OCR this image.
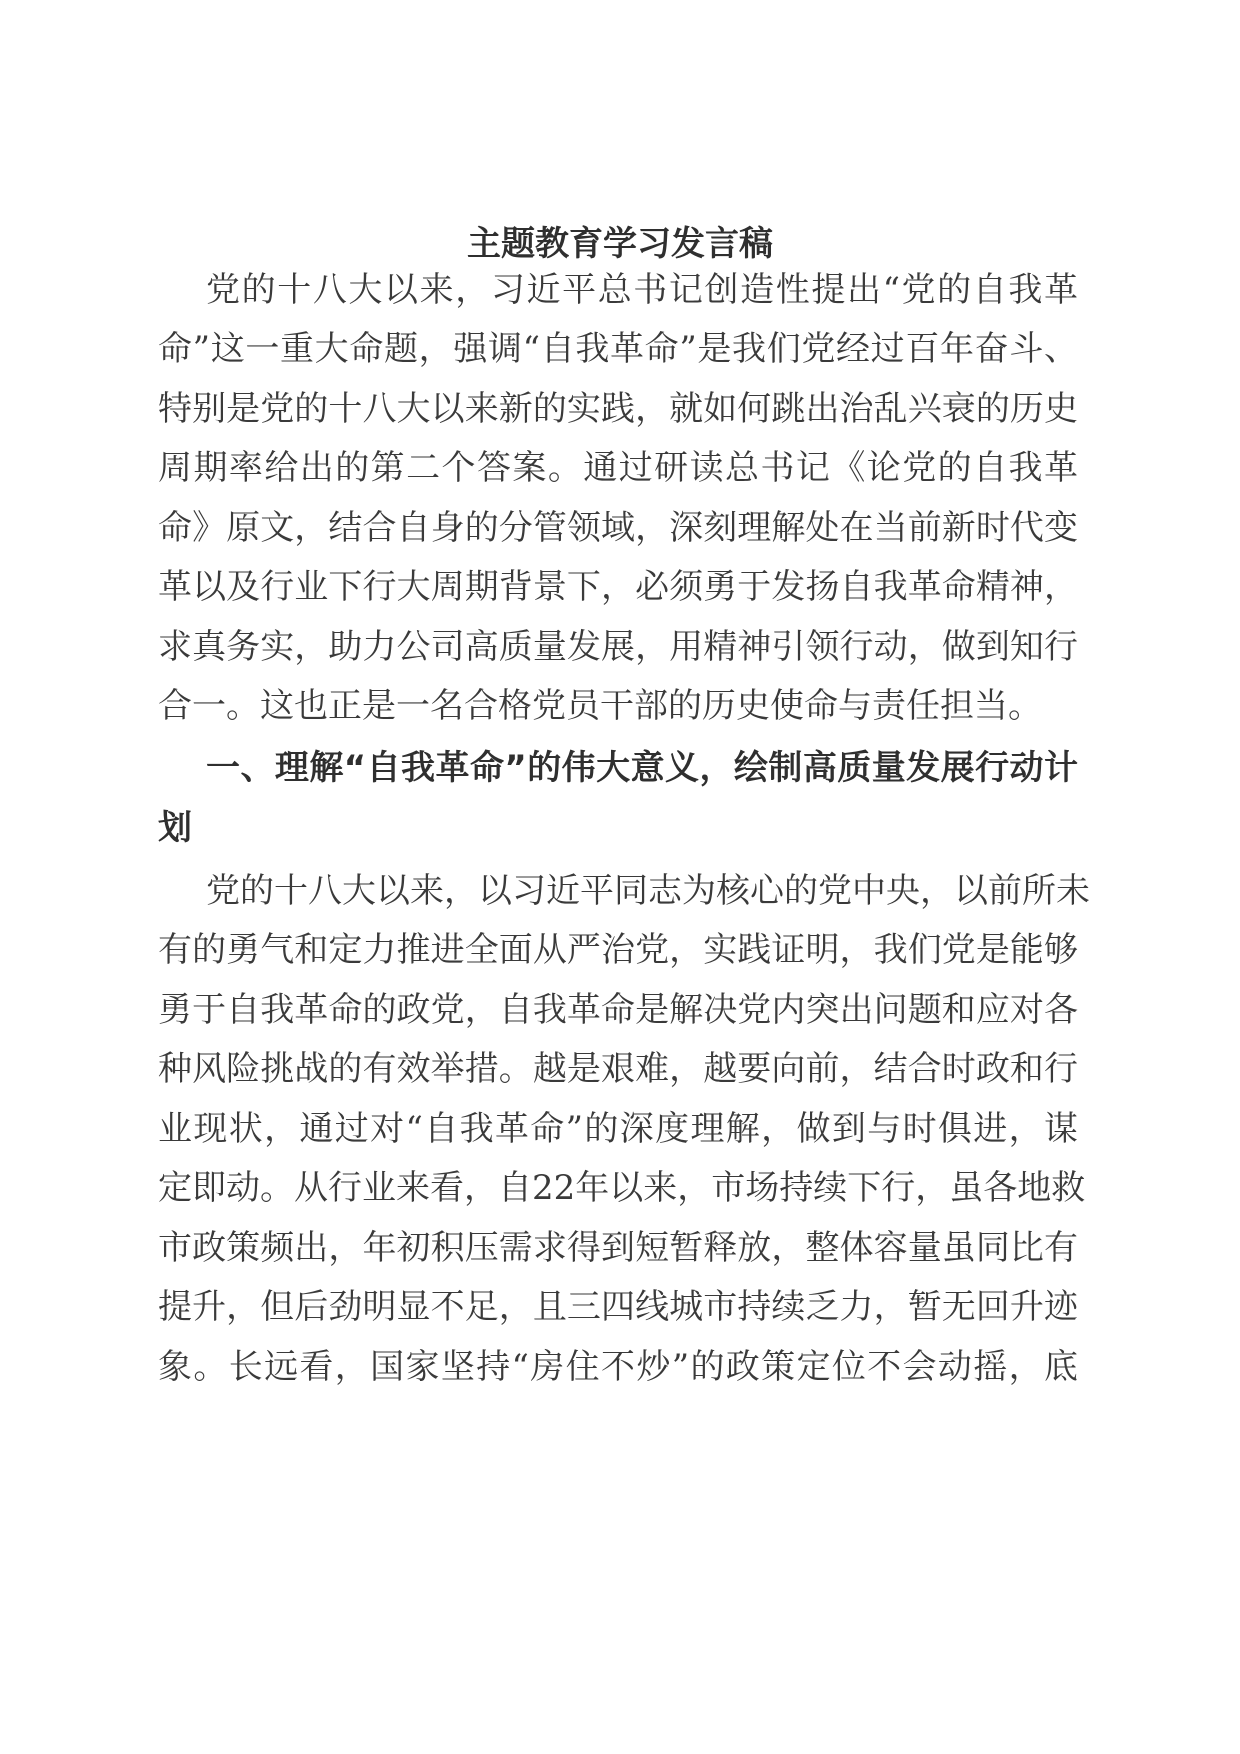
主题教育学习发言稿
党的十八大以来，习近平总书记创造性提出“党的自我革
命”这一重大命题，强调“自我革命”是我们党经过百年奋斗、
特别是党的十八大以来新的实践，就如何跳出治乱兴衰的历史
周期率给出的第二个答案。通过研读总书记《论党的自我革
命》原文，结合自身的分管领域，深刻理解处在当前新时代变
革以及行业下行大周期背景下，必须勇于发扬自我革命精神，
求真务实，助力公司高质量发展，用精神引领行动，做到知行
合一。这也正是一名合格党员干部的历史使命与责任担当。
一、理解“自我革命”的伟大意义，绘制高质量发展行动计
划
党的十八大以来，以习近平同志为核心的党中央，以前所未
有的勇气和定力推进全面从严治党，实践证明，我们党是能够
勇于自我革命的政党，自我革命是解决党内突出问题和应对各
种风险挑战的有效举措。越是艰难，越要向前，结合时政和行
业现状，通过对“自我革命”的深度理解，做到与时俱进，谋
定即动。从行业来看，自22年以来，市场持续下行，虽各地救
市政策频出，年初积压需求得到短暂释放，整体容量虽同比有
提升，但后劲明显不足，且三四线城市持续乏力，暂无回升迹
象。长远看，国家坚持“房住不炒”的政策定位不会动摇，底
